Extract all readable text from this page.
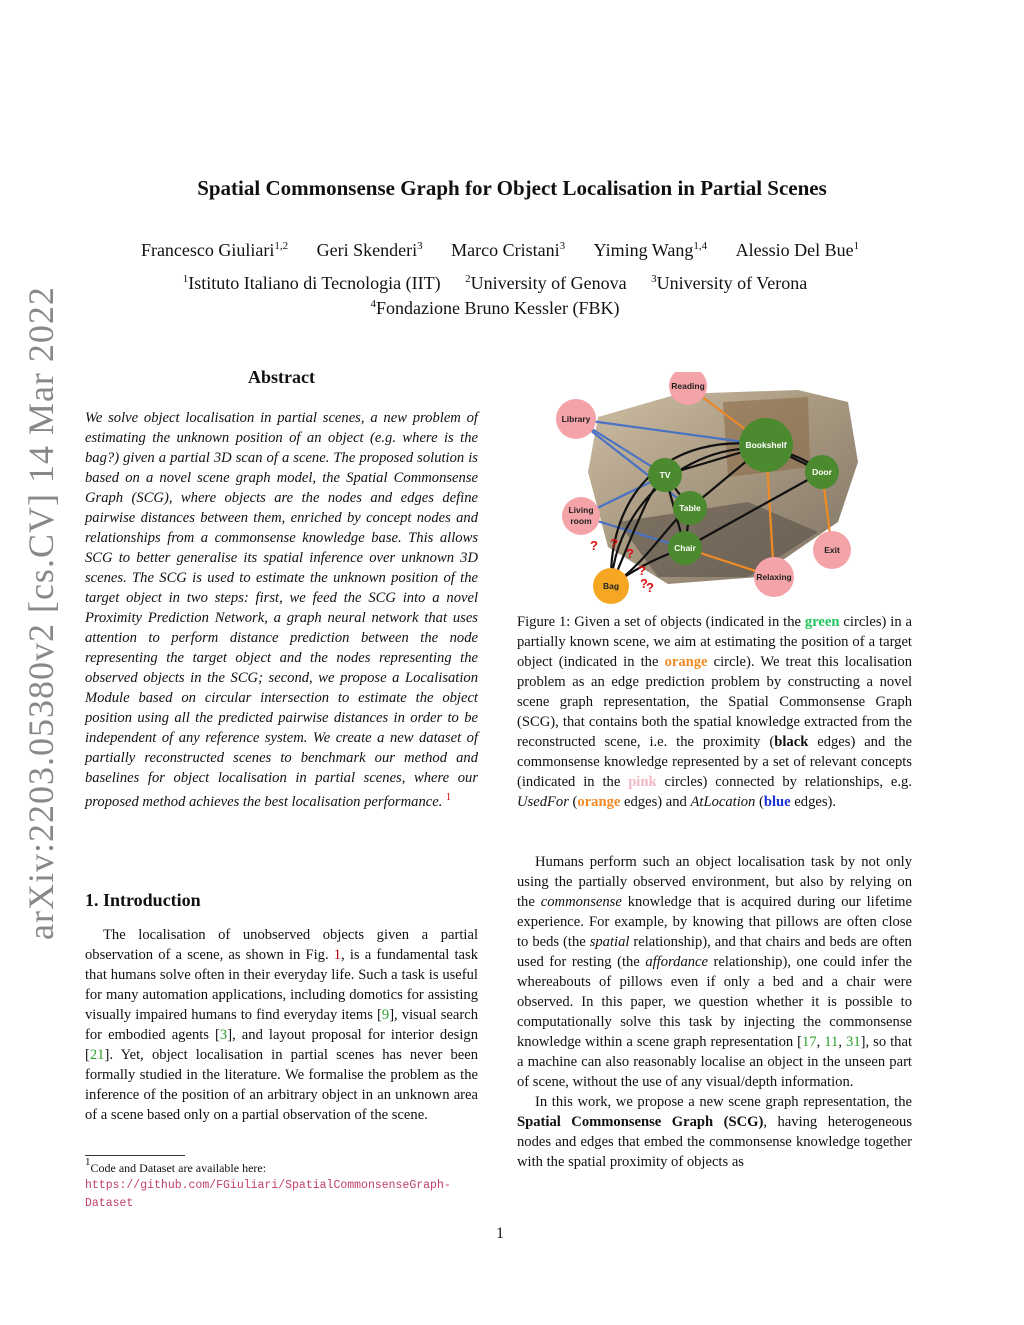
Spatial Commonsense Graph for Object Localisation in Partial Scenes
Francesco Giuliari$^{1,2}$ Geri Skenderi$^3$ Marco Cristani$^3$ Yiming Wang$^{1,4}$ Alessio Del Bue$^1$
$^1$Istituto Italiano di Tecnologia (IIT) $^2$University of Genova $^3$University of Verona
$^4$Fondazione Bruno Kessler (FBK)
arXiv:2203.05380v2 [cs.CV] 14 Mar 2022	Abstract
We solve object localisation in partial scenes, a new problem of estimating the unknown position of an object (e.g. where is the bag?) given a partial 3D scan of a scene. The proposed solution is based on a novel scene graph model, the Spatial Commonsense Graph (SCG), where objects are the nodes and edges define pairwise distances between them, enriched by concept nodes and relationships from a commonsense knowledge base. This allows SCG to better generalise its spatial inference over unknown 3D scenes. The SCG is used to estimate the unknown position of the target object in two steps: first, we feed the SCG into a novel Proximity Prediction Network, a graph neural network that uses attention to perform distance prediction between the node representing the target object and the nodes representing the observed objects in the SCG; second, we propose a Localisation Module based on circular intersection to estimate the object position using all the predicted pairwise distances in order to be independent of any reference system. We create a new dataset of partially reconstructed scenes to benchmark our method and baselines for object localisation in partial scenes, where our proposed method achieves the best localisation performance. $^1$
1. Introduction

The localisation of unobserved objects given a partial observation of a scene, as shown in Fig. 1, is a fundamental task that humans solve often in their everyday life. Such a task is useful for many automation applications, including domotics for assisting visually impaired humans to find everyday items [9], visual search for embodied agents [3], and layout proposal for interior design [21]. Yet, object localisation in partial scenes has never been formally studied in the literature. We formalise the problem as the inference of the position of an arbitrary object in an unknown area of a scene based only on a partial observation of the scene.

$^1$Code and Dataset are available here: https://github.com/FGiuliari/SpatialCommonsenseGraph-Dataset
? ?
?
?
?
?
Reading
Library
Bookshelf
Door
TV
Living
room
Table
Chair	Exit
Relaxing
Bag
Figure 1: Given a set of objects (indicated in the green circles) in a partially known scene, we aim at estimating the position of a target object (indicated in the orange circle). We treat this localisation problem as an edge prediction problem by constructing a novel scene graph representation, the Spatial Commonsense Graph (SCG), that contains both the spatial knowledge extracted from the reconstructed scene, i.e. the proximity (black edges) and the commonsense knowledge represented by a set of relevant concepts (indicated in the pink circles) connected by relationships, e.g. UsedFor (orange edges) and AtLocation (blue edges).

Humans perform such an object localisation task by not only using the partially observed environment, but also by relying on the commonsense knowledge that is acquired during our lifetime experience. For example, by knowing that pillows are often close to beds (the spatial relationship), and that chairs and beds are often used for resting (the affordance relationship), one could infer the whereabouts of pillows even if only a bed and a chair were observed. In this paper, we question whether it is possible to computationally solve this task by injecting the commonsense knowledge within a scene graph representation [17, 11, 31], so that a machine can also reasonably localise an object in the unseen part of scene, without the use of any visual/depth information.

In this work, we propose a new scene graph representation, the Spatial Commonsense Graph (SCG), having heterogeneous nodes and edges that embed the commonsense knowledge together with the spatial proximity of objects as

1
